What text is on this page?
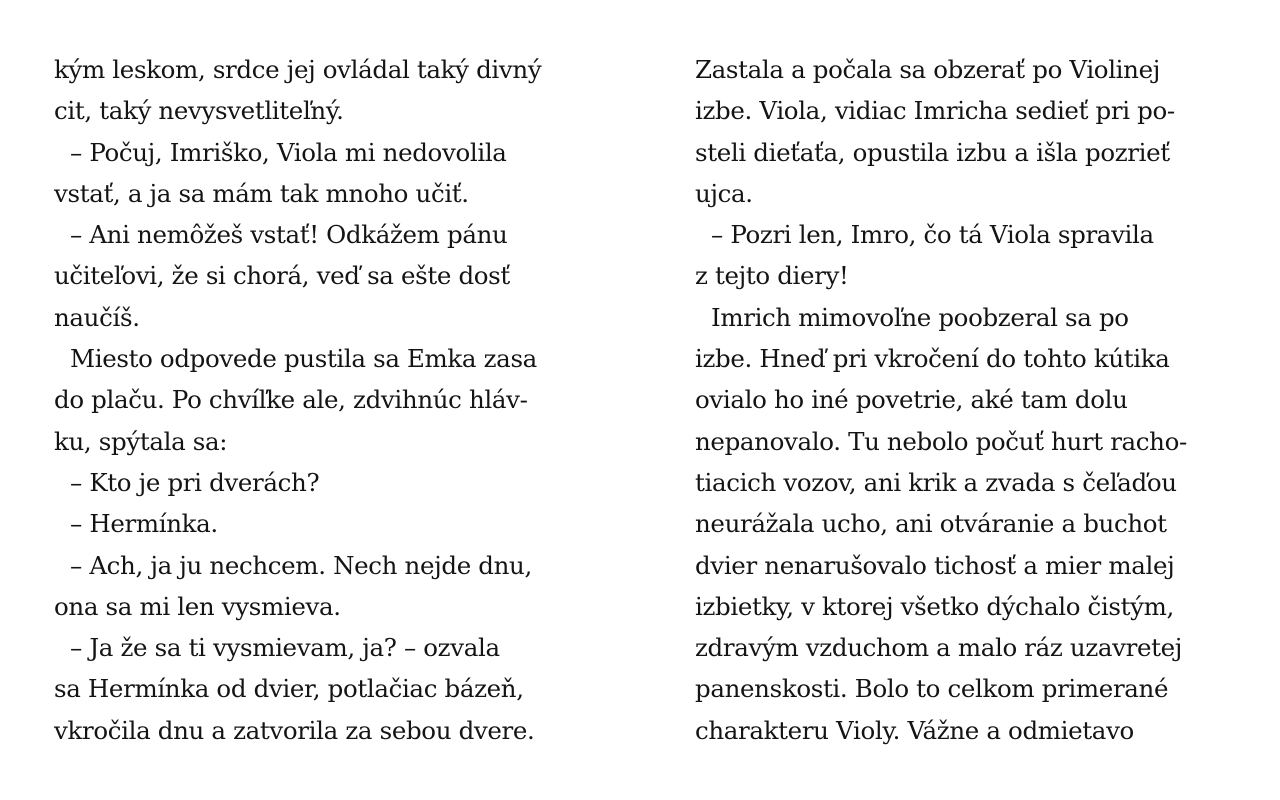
kým leskom, srdce jej ovládal taký divný
cit, taký nevysvetliteľný.
– Počuj, Imriško, Viola mi nedovolila
vstať, a ja sa mám tak mnoho učiť.
– Ani nemôžeš vstať! Odkážem pánu
učiteľovi, že si chorá, veď sa ešte dosť
naučíš.
Miesto odpovede pustila sa Emka zasa
do plaču. Po chvíľke ale, zdvihnúc hláv-
ku, spýtala sa:
– Kto je pri dverách?
– Hermínka.
– Ach, ja ju nechcem. Nech nejde dnu,
ona sa mi len vysmieva.
– Ja že sa ti vysmievam, ja? – ozvala
sa Hermínka od dvier, potlačiac bázeň,
vkročila dnu a zatvorila za sebou dvere.
Zastala a počala sa obzerať po Violinej
izbe. Viola, vidiac Imricha sedieť pri po-
steli dieťaťa, opustila izbu a išla pozrieť
ujca.
– Pozri len, Imro, čo tá Viola spravila
z tejto diery!
Imrich mimovoľne poobzeral sa po
izbe. Hneď pri vkročení do tohto kútika
ovialo ho iné povetrie, aké tam dolu
nepanovalo. Tu nebolo počuť hurt racho-
tiacich vozov, ani krik a zvada s čeľaďou
neurážala ucho, ani otváranie a buchot
dvier nenarušovalo tichosť a mier malej
izbietky, v ktorej všetko dýchalo čistým,
zdravým vzduchom a malo ráz uzavretej
panenskosti. Bolo to celkom primerané
charakteru Violy. Vážne a odmietavo
